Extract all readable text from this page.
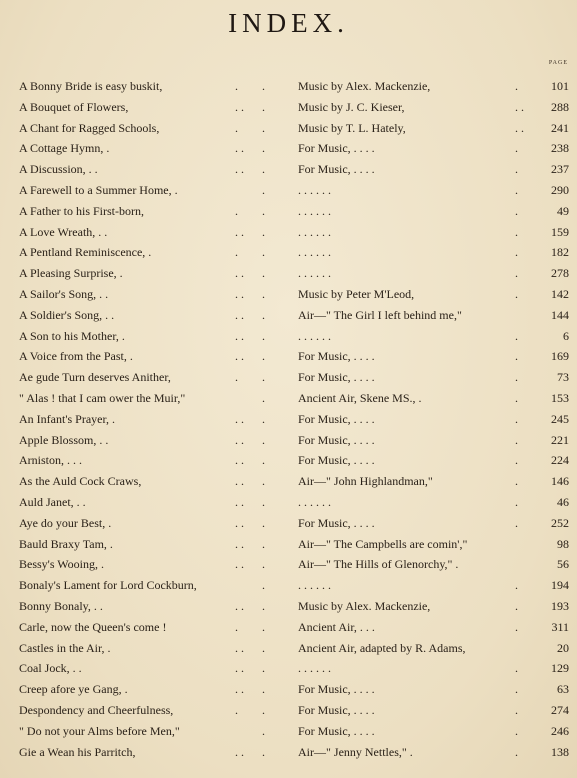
INDEX.
PAGE
A Bonny Bride is easy buskit,	. .	Music by Alex. Mackenzie,	.	101
A Bouquet of Flowers,	. . .	Music by J. C. Kieser,	. . 288
A Chant for Ragged Schools,	. .	Music by T. L. Hately,	. . 241
A Cottage Hymn, .	. . .	For Music, . . . .	.	238
A Discussion, . .	. . .	For Music, . . . .	.	237
A Farewell to a Summer Home, .	.	. . . . . .	.	290
A Father to his First-born,	. .	. . . . . .	.	49
A Love Wreath, . .	. . .	. . . . . .	.	159
A Pentland Reminiscence, .	. .	. . . . . .	.	182
A Pleasing Surprise, .	. . .	. . . . . .	.	278
A Sailor's Song, . .	. . .	Music by Peter M'Leod,	.	142
A Soldier's Song, . .	. . .	Air—" The Girl I left behind me,"	144
A Son to his Mother, .	. . .	. . . . . .	.	6
A Voice from the Past, .	. . .	For Music, . . . .	.	169
Ae gude Turn deserves Anither,	. .	For Music, . . . .	.	73
" Alas ! that I cam ower the Muir,"	.	Ancient Air, Skene MS., .	.	153
An Infant's Prayer, .	. . .	For Music, . . . .	.	245
Apple Blossom, . .	. . .	For Music, . . . .	.	221
Arniston, . . .	. . .	For Music, . . . .	.	224
As the Auld Cock Craws,	. . .	Air—" John Highlandman,"	.	146
Auld Janet, . .	. . .	. . . . . .	.	46
Aye do your Best, .	. . .	For Music, . . . .	.	252
Bauld Braxy Tam, .	. . .	Air—" The Campbells are comin',"	98
Bessy's Wooing, .	. . .	Air—" The Hills of Glenorchy," .	56
Bonaly's Lament for Lord Cockburn,	.	. . . . . .	.	194
Bonny Bonaly, . .	. . .	Music by Alex. Mackenzie,	.	193
Carle, now the Queen's come !	. .	Ancient Air, . . .	.	311
Castles in the Air, .	. . .	Ancient Air, adapted by R. Adams,	20
Coal Jock, . .	. . .	. . . . . .	.	129
Creep afore ye Gang, .	. . .	For Music, . . . .	.	63
Despondency and Cheerfulness,	. .	For Music, . . . .	.	274
" Do not your Alms before Men,"	.	For Music, . . . .	.	246
Gie a Wean his Parritch,	. . .	Air—" Jenny Nettles," .	.	138
